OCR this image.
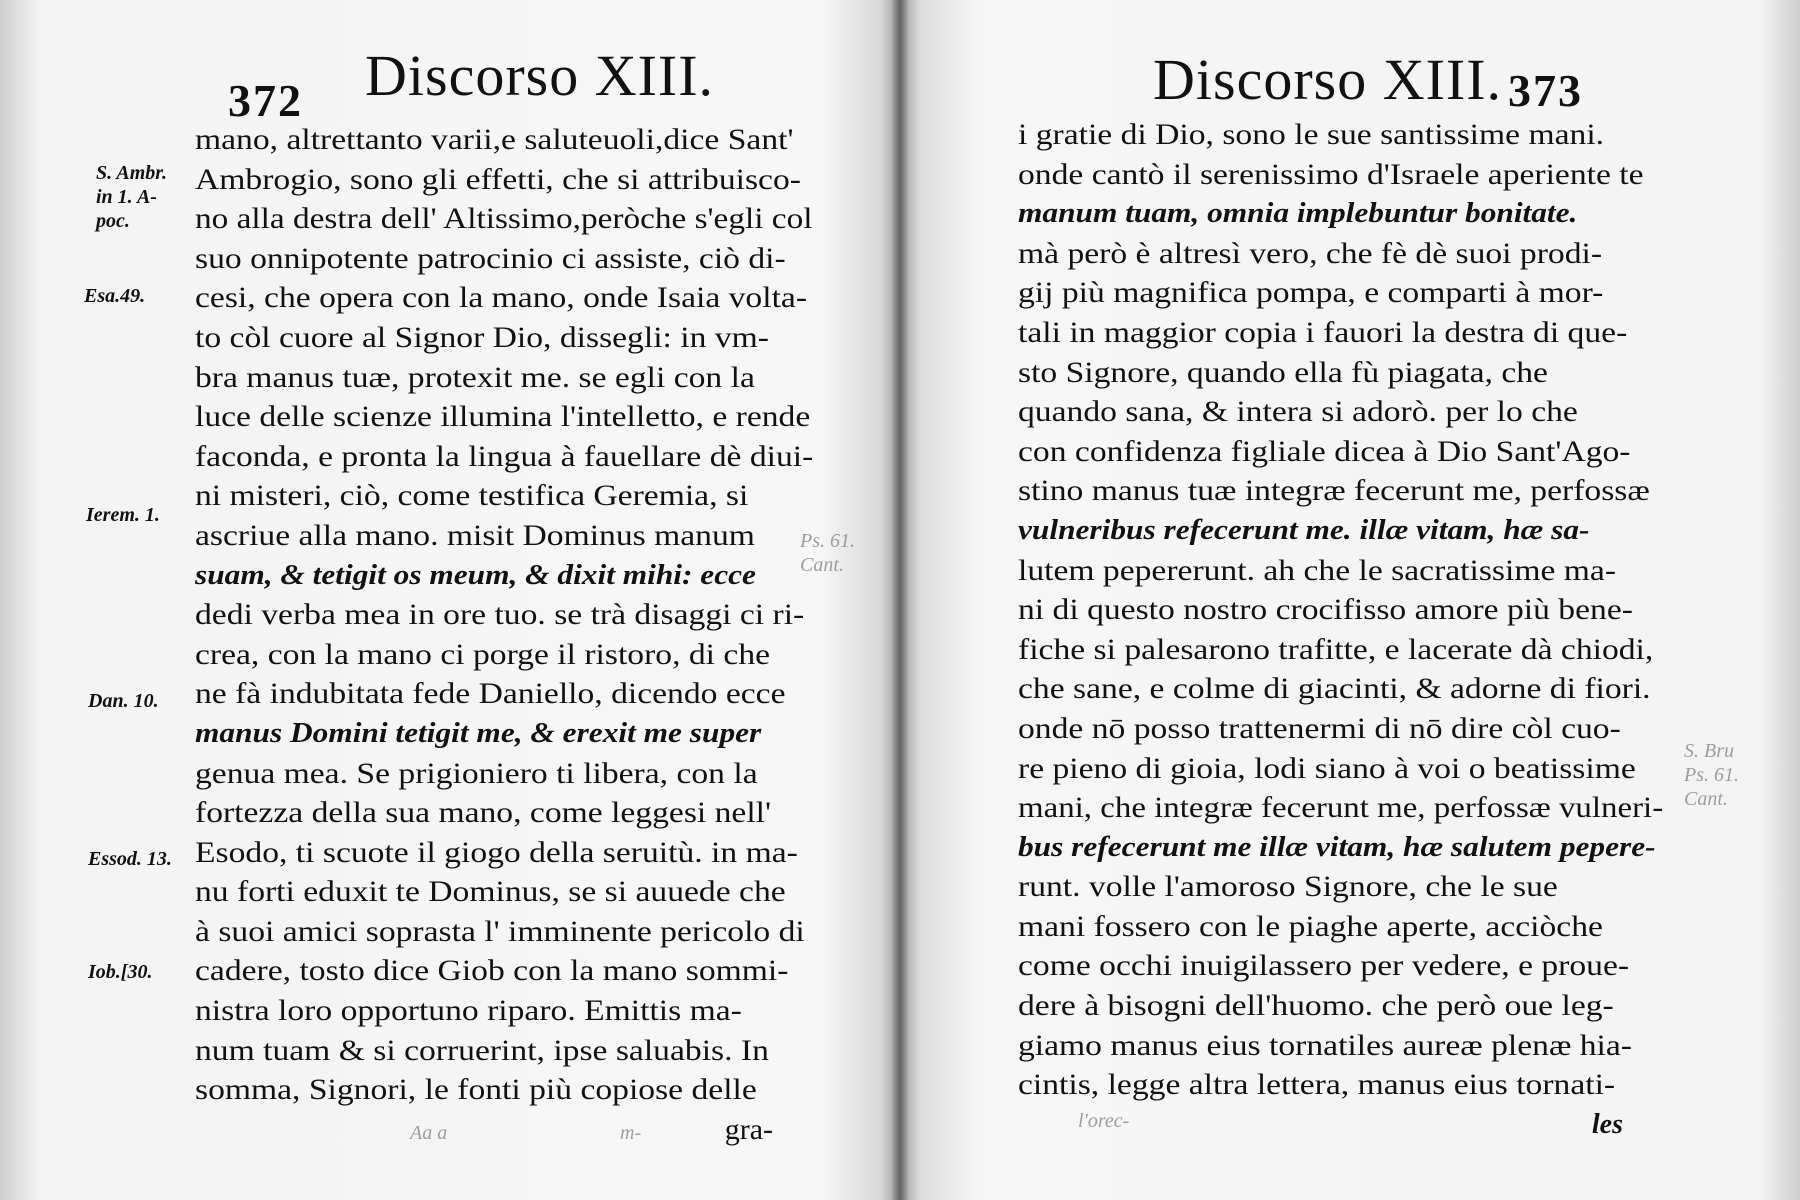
372 Discorso XIII.
S. Ambr.
in 1. A-
poc.
Esa.49.
Ierem. 1.
Dan. 10.
Essod. 13.
Iob.[30.
mano, altrettanto varii,e saluteuoli,dice Sant'
Ambrogio, sono gli effetti, che si attribuisco-
no alla destra dell' Altissimo,peròche s'egli col
suo onnipotente patrocinio ci assiste, ciò di-
cesi, che opera con la mano, onde Isaia volta-
to còl cuore al Signor Dio, dissegli: in vm-
bra manus tuæ, protexit me. se egli con la
luce delle scienze illumina l'intelletto, e rende
faconda, e pronta la lingua à fauellare dè diui-
ni misteri, ciò, come testifica Geremia, si
ascriue alla mano. misit Dominus manum
suam, & tetigit os meum, & dixit mihi: ecce
dedi verba mea in ore tuo. se trà disaggi ci ri-
crea, con la mano ci porge il ristoro, di che
ne fà indubitata fede Daniello, dicendo ecce
manus Domini tetigit me, & erexit me super
genua mea. Se prigioniero ti libera, con la
fortezza della sua mano, come leggesi nell'
Esodo, ti scuote il giogo della seruitù. in ma-
nu forti eduxit te Dominus, se si auuede che
à suoi amici soprasta l' imminente pericolo di
cadere, tosto dice Giob con la mano sommi-
nistra loro opportuno riparo. Emittis ma-
num tuam & si corruerint, ipse saluabis. In
somma, Signori, le fonti più copiose delle
gra-
Aa a	m-
Discorso XIII. 373
i gratie di Dio, sono le sue santissime mani.
onde cantò il serenissimo d'Israele aperiente te
manum tuam, omnia implebuntur bonitate.
mà però è altresì vero, che fè dè suoi prodi-
gij più magnifica pompa, e comparti à mor-
tali in maggior copia i fauori la destra di que-
sto Signore, quando ella fù piagata, che
quando sana, & intera si adorò. per lo che
con confidenza figliale dicea à Dio Sant'Ago-
stino manus tuæ integræ fecerunt me, perfossæ
vulneribus refecerunt me. illæ vitam, hæ sa-
lutem pepererunt. ah che le sacratissime ma-
ni di questo nostro crocifisso amore più bene-
fiche si palesarono trafitte, e lacerate dà chiodi,
che sane, e colme di giacinti, & adorne di fiori.
onde nō posso trattenermi di nō dire còl cuo-
re pieno di gioia, lodi siano à voi o beatissime
mani, che integræ fecerunt me, perfossæ vulneri-
bus refecerunt me illæ vitam, hæ salutem pepere-
runt. volle l'amoroso Signore, che le sue
mani fossero con le piaghe aperte, acciòche
come occhi inuigilassero per vedere, e proue-
dere à bisogni dell'huomo. che però oue leg-
giamo manus eius tornatiles aureæ plenæ hia-
cintis, legge altra lettera, manus eius tornati-
les
S. Bru
Ps. 61.
Cant.
l'orec-
Ps. 61.
Cant.
